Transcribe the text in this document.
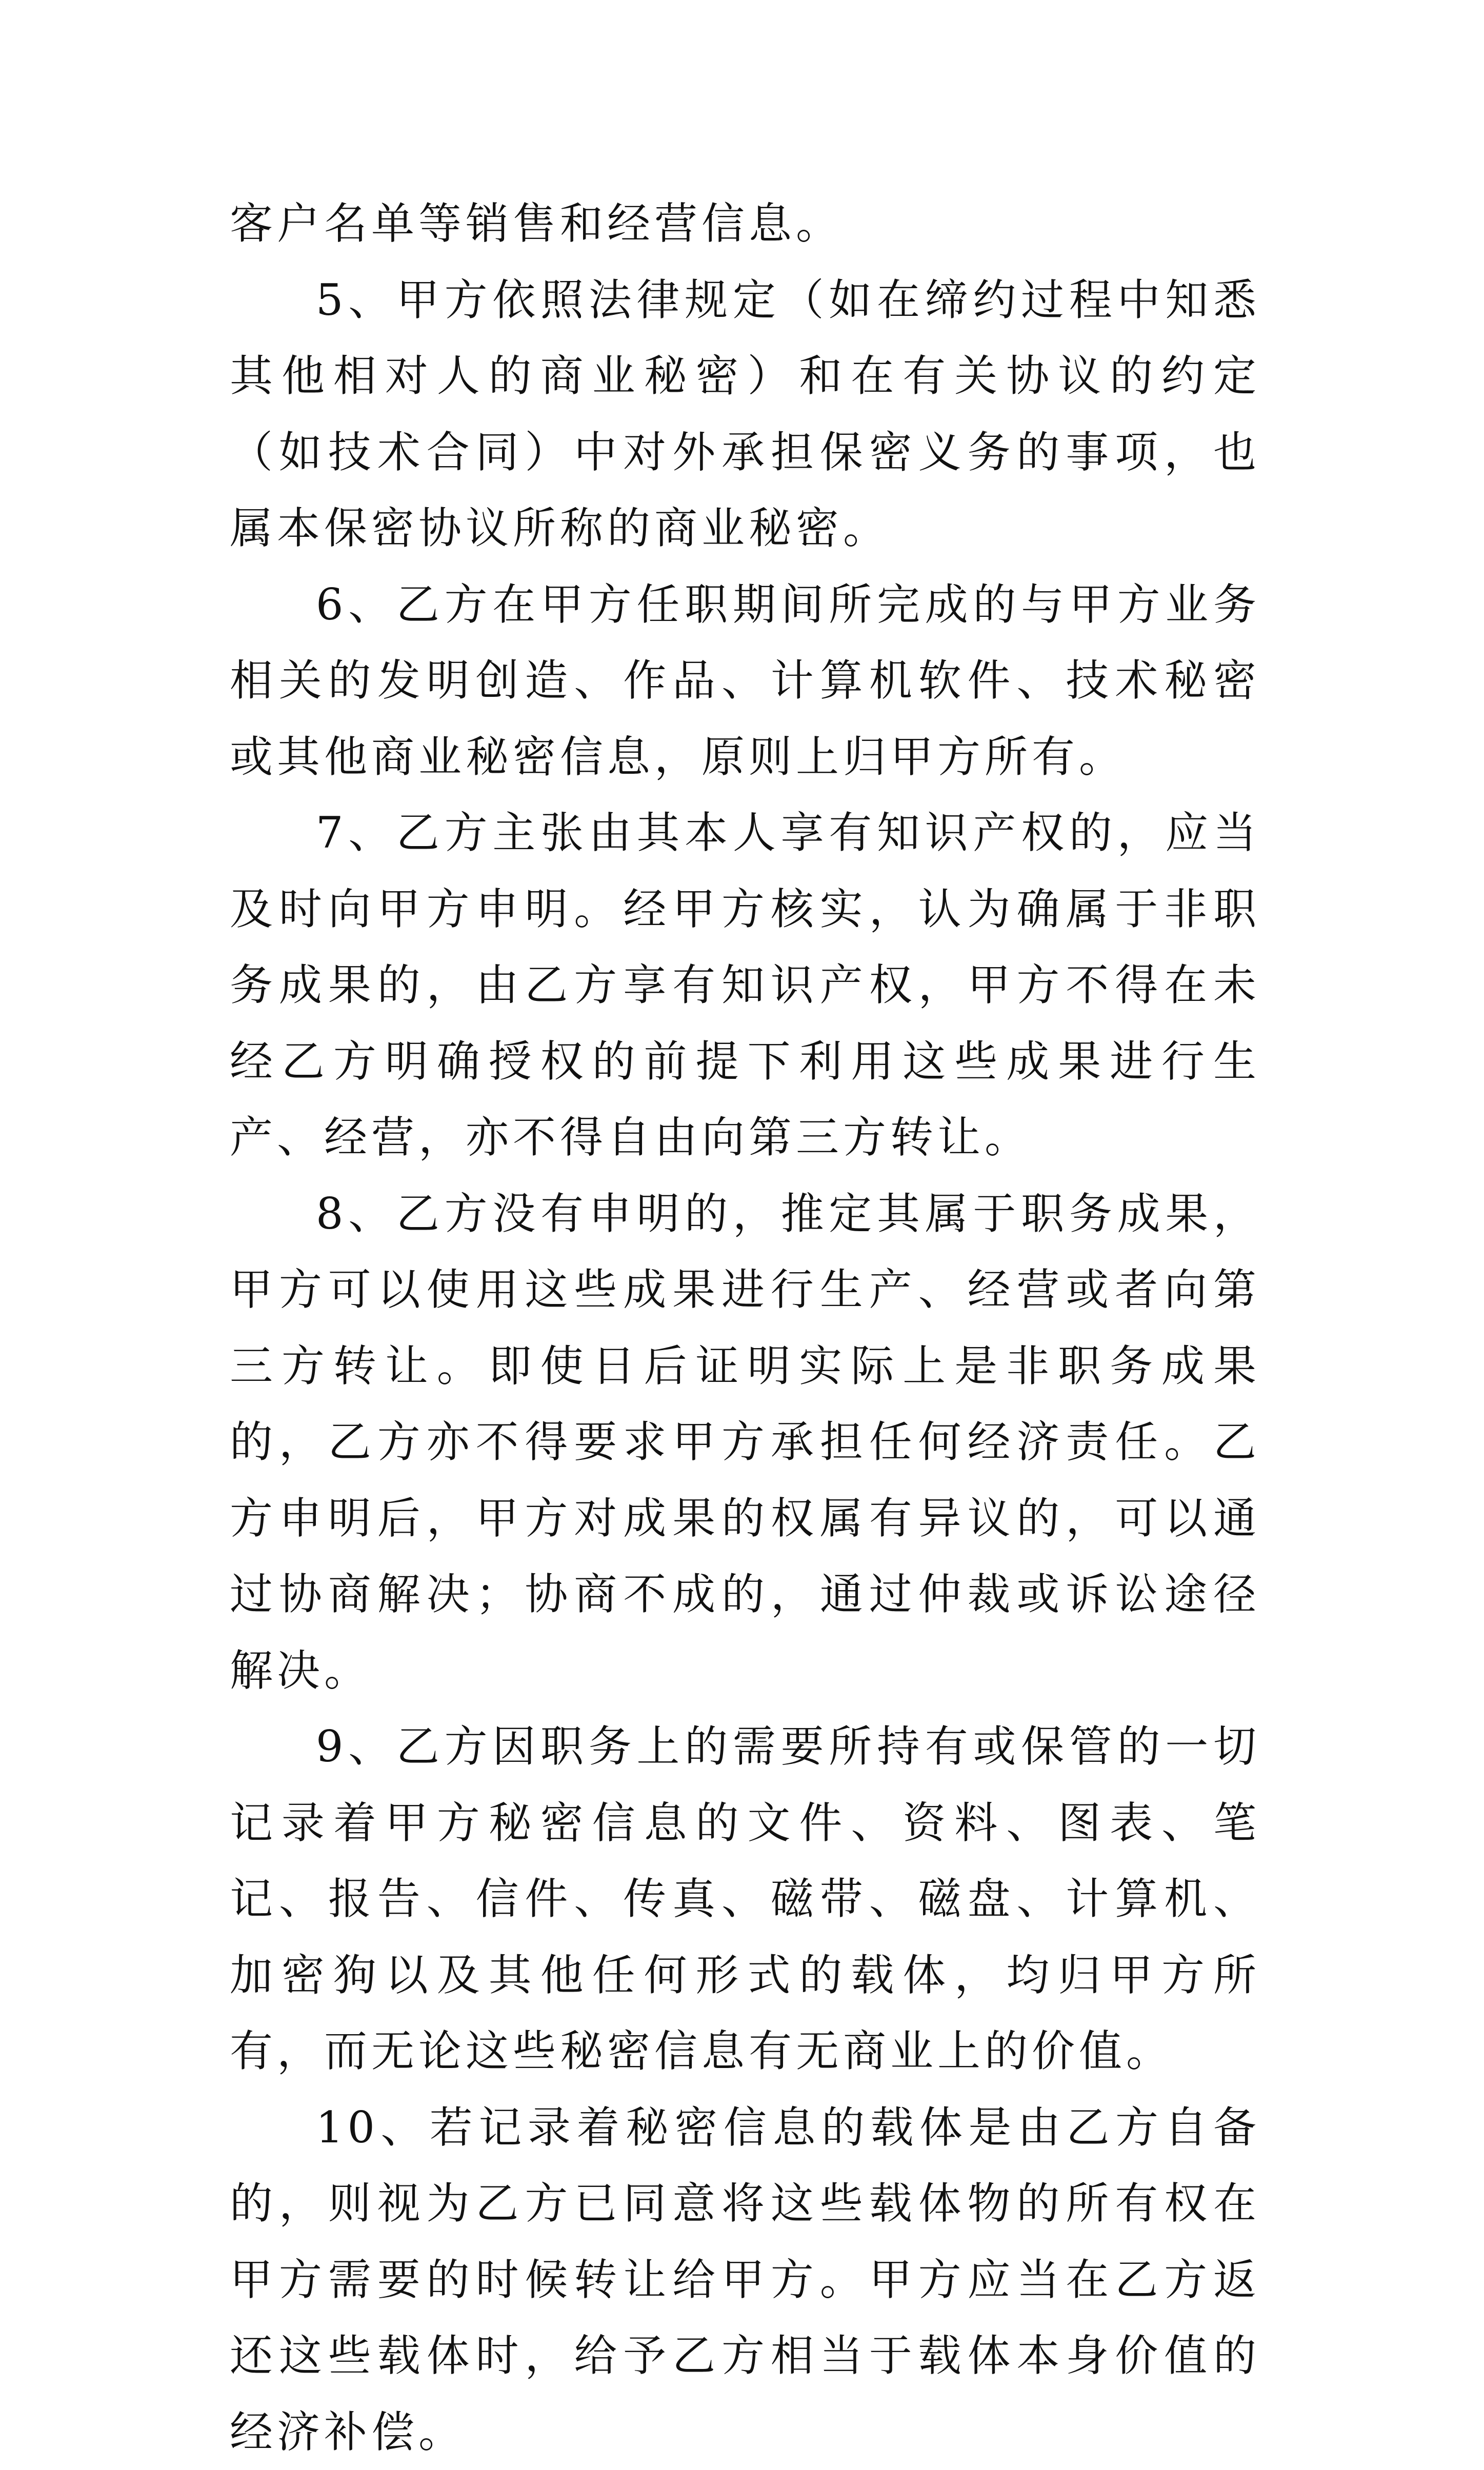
客户名单等销售和经营信息。

5、甲方依照法律规定（如在缔约过程中知悉其他相对人的商业秘密）和在有关协议的约定（如技术合同）中对外承担保密义务的事项，也属本保密协议所称的商业秘密。

6、乙方在甲方任职期间所完成的与甲方业务相关的发明创造、作品、计算机软件、技术秘密或其他商业秘密信息，原则上归甲方所有。

7、乙方主张由其本人享有知识产权的，应当及时向甲方申明。经甲方核实，认为确属于非职务成果的，由乙方享有知识产权，甲方不得在未经乙方明确授权的前提下利用这些成果进行生产、经营，亦不得自由向第三方转让。

8、乙方没有申明的，推定其属于职务成果，甲方可以使用这些成果进行生产、经营或者向第三方转让。即使日后证明实际上是非职务成果的，乙方亦不得要求甲方承担任何经济责任。乙方申明后，甲方对成果的权属有异议的，可以通过协商解决；协商不成的，通过仲裁或诉讼途径解决。

9、乙方因职务上的需要所持有或保管的一切记录着甲方秘密信息的文件、资料、图表、笔记、报告、信件、传真、磁带、磁盘、计算机、加密狗以及其他任何形式的载体，均归甲方所有，而无论这些秘密信息有无商业上的价值。

10、若记录着秘密信息的载体是由乙方自备的，则视为乙方已同意将这些载体物的所有权在甲方需要的时候转让给甲方。甲方应当在乙方返还这些载体时，给予乙方相当于载体本身价值的经济补偿。
